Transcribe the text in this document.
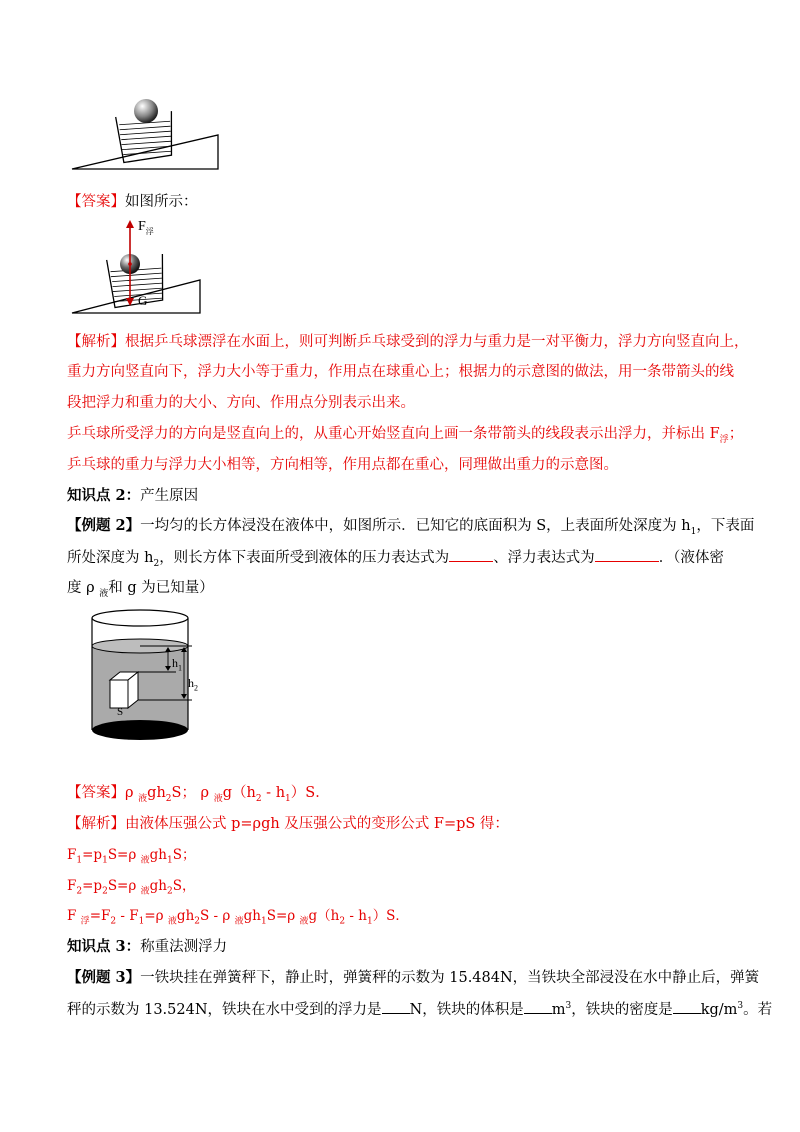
【答案】如图所示：
$F_浮$
G
【解析】根据乒乓球漂浮在水面上，则可判断乒乓球受到的浮力与重力是一对平衡力，浮力方向竖直向上，
重力方向竖直向下，浮力大小等于重力，作用点在球重心上；根据力的示意图的做法，用一条带箭头的线
段把浮力和重力的大小、方向、作用点分别表示出来。
乒乓球所受浮力的方向是竖直向上的，从重心开始竖直向上画一条带箭头的线段表示出浮力，并标出 $F_浮$；
乒乓球的重力与浮力大小相等，方向相等，作用点都在重心，同理做出重力的示意图。
知识点 2：产生原因
【例题 2】一均匀的长方体浸没在液体中，如图所示．已知它的底面积为 S，上表面所处深度为 $h_1$，下表面
所处深度为 $h_2$，则长方体下表面所受到液体的压力表达式为	、浮力表达式为	．（液体密
度 ρ $_液$和 g 为已知量）
$h_1$
$h_2$
S
【答案】ρ $_液gh_2S$； ρ $_液g(h_2 - h_1)S$．
【解析】由液体压强公式 p=ρgh 及压强公式的变形公式 F=pS 得：
$F_1=p_1S=\rho$ $_液gh_1S$；
$F_2=p_2S=\rho$ $_液gh_2S$，
F $_浮=F_2 - F_1=\rho$ $_液gh_2S$ - ρ $_液gh_1S=\rho$ $_液g(h_2 - h_1)S$．
知识点 3：称重法测浮力
【例题 3】一铁块挂在弹簧秤下，静止时，弹簧秤的示数为 15.484N，当铁块全部浸没在水中静止后，弹簧
秤的示数为 13.524N，铁块在水中受到的浮力是 N，铁块的体积是 $m^3$，铁块的密度是 $kg/m^3$。若
